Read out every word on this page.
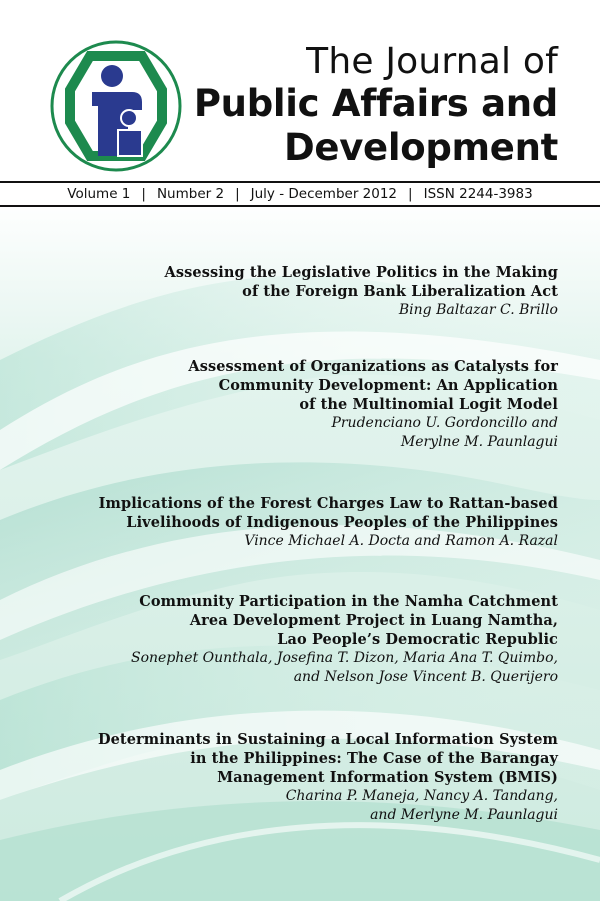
The Journal of
Public Affairs and
Development
Volume 1 | Number 2 | July - December 2012 | ISSN 2244-3983
Assessing the Legislative Politics in the Making
of the Foreign Bank Liberalization Act
Bing Baltazar C. Brillo
Assessment of Organizations as Catalysts for
Community Development: An Application
of the Multinomial Logit Model
Prudenciano U. Gordoncillo and
Merylne M. Paunlagui
Implications of the Forest Charges Law to Rattan-based
Livelihoods of Indigenous Peoples of the Philippines
Vince Michael A. Docta and Ramon A. Razal
Community Participation in the Namha Catchment
Area Development Project in Luang Namtha,
Lao People’s Democratic Republic
Sonephet Ounthala, Josefina T. Dizon, Maria Ana T. Quimbo,
and Nelson Jose Vincent B. Querijero
Determinants in Sustaining a Local Information System
in the Philippines: The Case of the Barangay
Management Information System (BMIS)
Charina P. Maneja, Nancy A. Tandang,
and Merlyne M. Paunlagui
